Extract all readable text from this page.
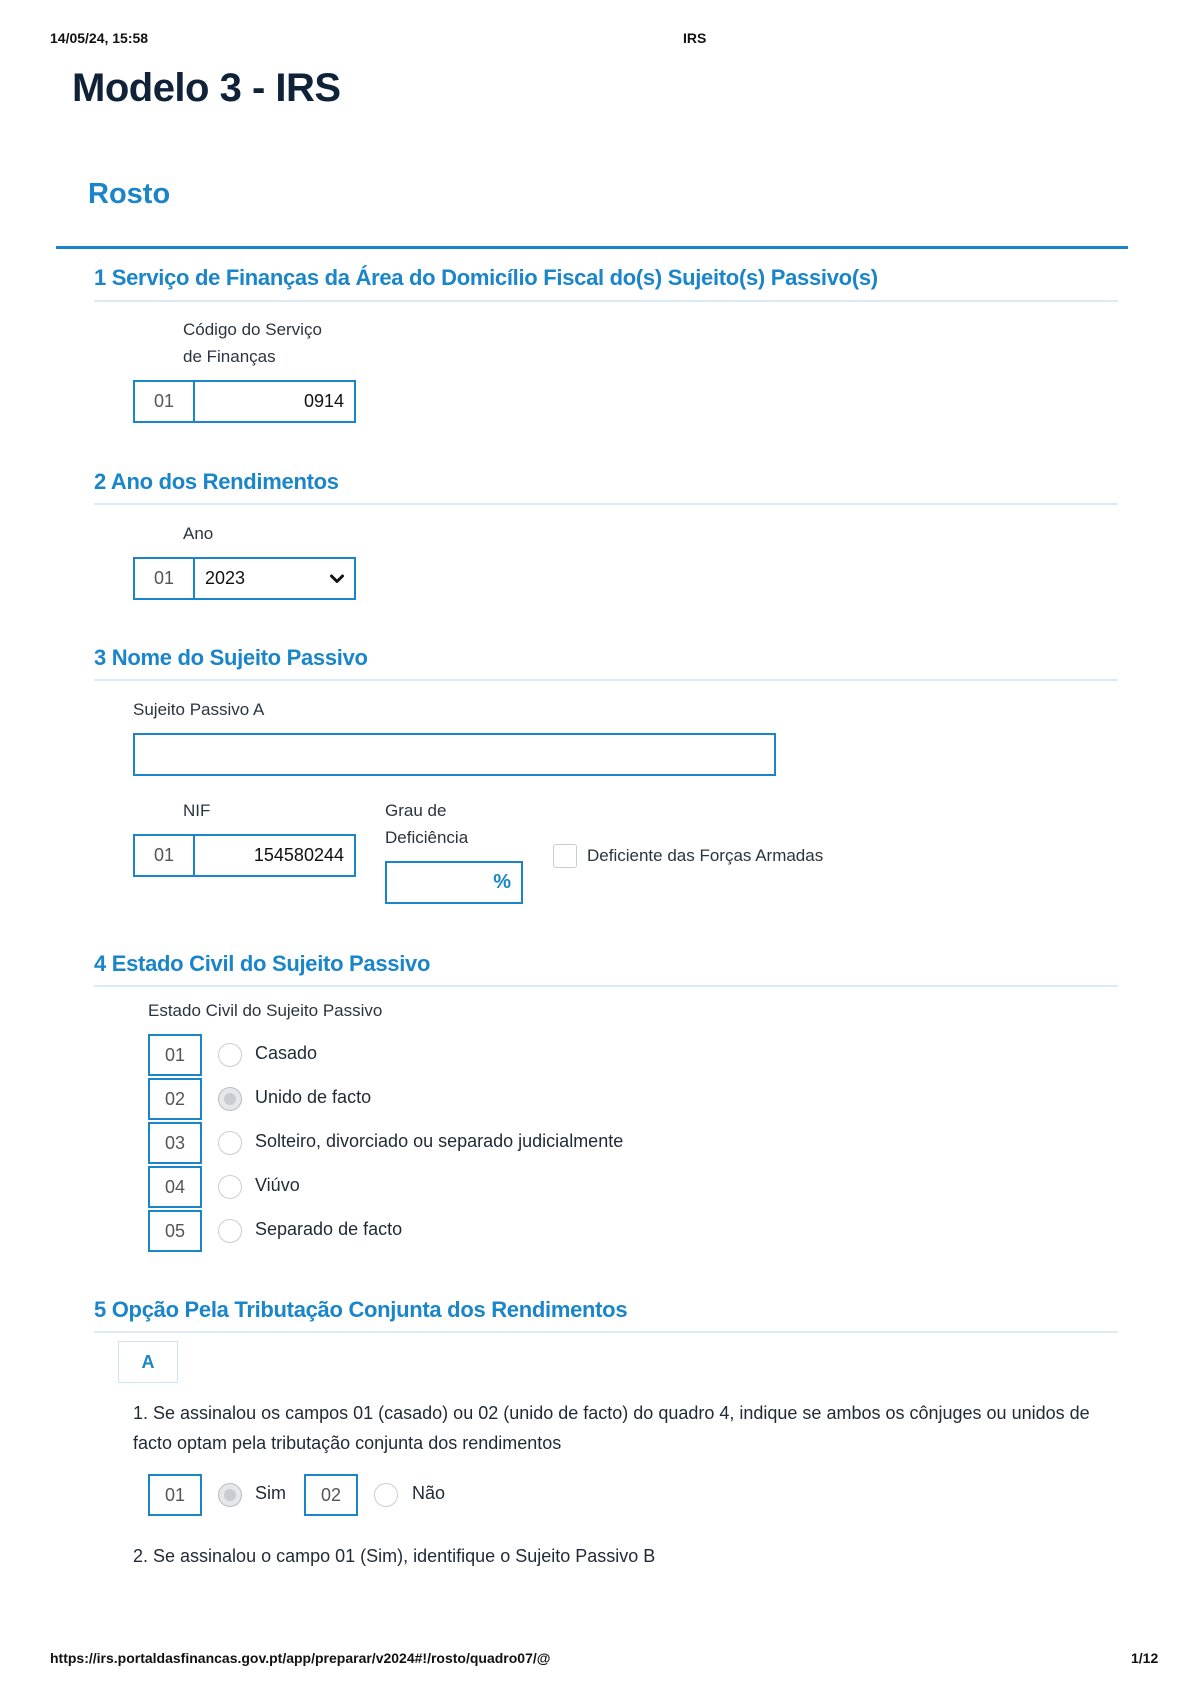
14/05/24, 15:58	IRS
Modelo 3 - IRS
Rosto
1 Serviço de Finanças da Área do Domicílio Fiscal do(s) Sujeito(s) Passivo(s)
Código do Serviço
de Finanças
01	0914
2 Ano dos Rendimentos
Ano
01	2023
3 Nome do Sujeito Passivo
Sujeito Passivo A
NIF
01	154580244
Grau de
Deficiência
%
Deficiente das Forças Armadas
4 Estado Civil do Sujeito Passivo
Estado Civil do Sujeito Passivo
01	Casado
02	Unido de facto
03	Solteiro, divorciado ou separado judicialmente
04	Viúvo
05	Separado de facto
5 Opção Pela Tributação Conjunta dos Rendimentos
A
1. Se assinalou os campos 01 (casado) ou 02 (unido de facto) do quadro 4, indique se ambos os cônjuges ou unidos de facto optam pela tributação conjunta dos rendimentos
01	Sim	02	Não
2. Se assinalou o campo 01 (Sim), identifique o Sujeito Passivo B
https://irs.portaldasfinancas.gov.pt/app/preparar/v2024#!/rosto/quadro07/@	1/12
